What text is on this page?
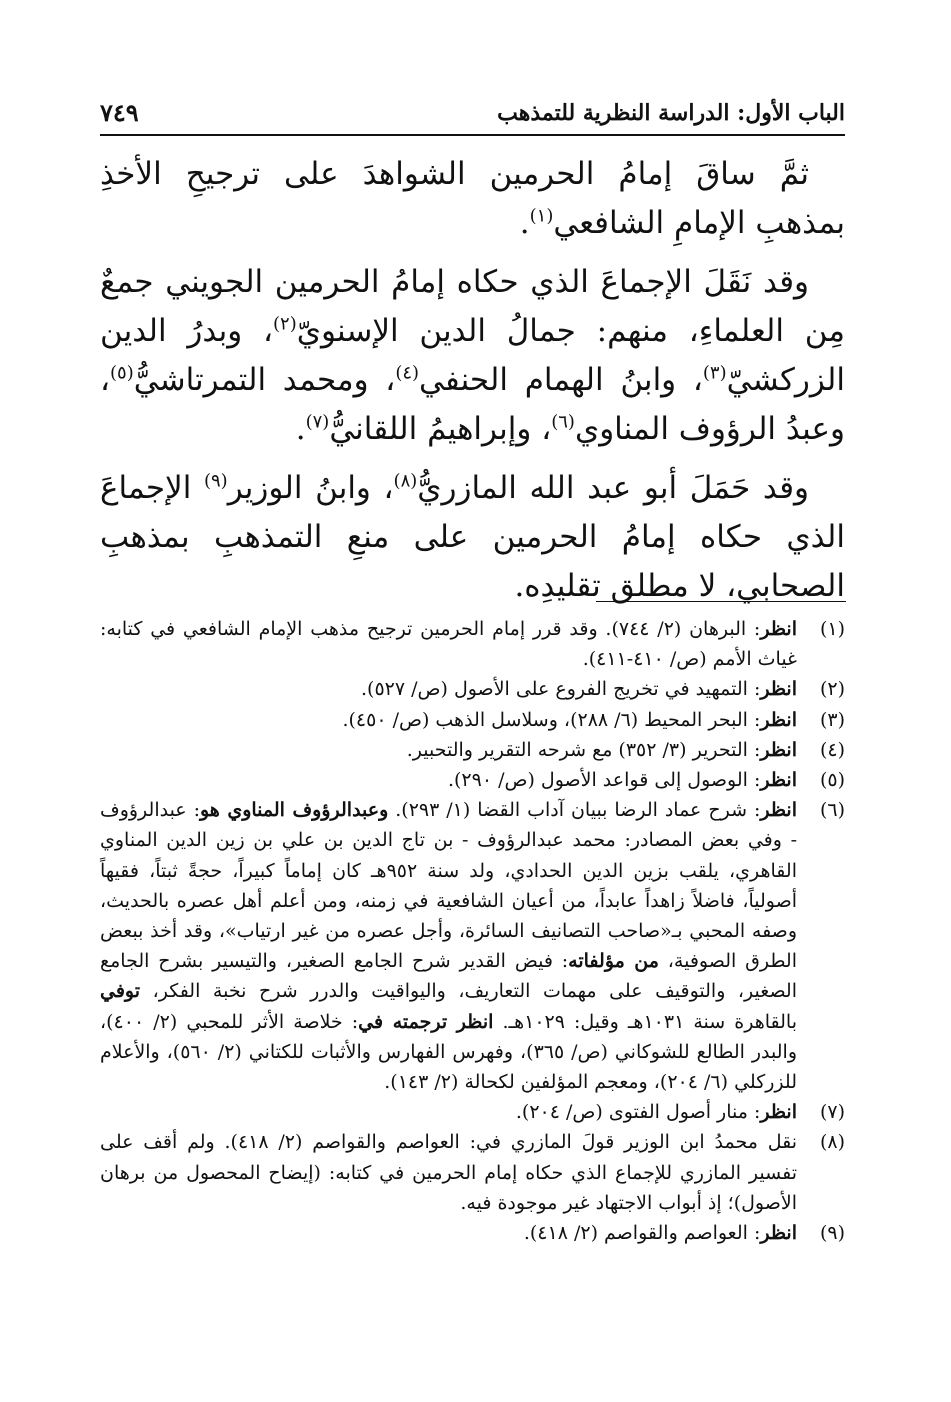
الباب الأول: الدراسة النظرية للتمذهب
٧٤٩

ثمَّ ساقَ إمامُ الحرمين الشواهدَ على ترجيحِ الأخذِ بمذهبِ الإمامِ الشافعي$^{(١)}$.

وقد نَقَلَ الإجماعَ الذي حكاه إمامُ الحرمين الجويني جمعٌ مِن العلماءِ، منهم: جمالُ الدين الإسنويّ$^{(٢)}$، وبدرُ الدين الزركشيّ$^{(٣)}$، وابنُ الهمام الحنفي$^{(٤)}$، ومحمد التمرتاشيُّ$^{(٥)}$، وعبدُ الرؤوف المناوي$^{(٦)}$، وإبراهيمُ اللقانيُّ$^{(٧)}$.

وقد حَمَلَ أبو عبد الله المازريُّ$^{(٨)}$، وابنُ الوزير$^{(٩)}$ الإجماعَ الذي حكاه إمامُ الحرمين على منعِ التمذهبِ بمذهبِ الصحابي، لا مطلق تقليدِه.

(١)
انظر: البرهان (٢/ ٧٤٤). وقد قرر إمام الحرمين ترجيح مذهب الإمام الشافعي في كتابه: غياث الأمم (ص/ ٤١٠-٤١١).
(٢)
انظر: التمهيد في تخريج الفروع على الأصول (ص/ ٥٢٧).
(٣)
انظر: البحر المحيط (٦/ ٢٨٨)، وسلاسل الذهب (ص/ ٤٥٠).
(٤)
انظر: التحرير (٣/ ٣٥٢) مع شرحه التقرير والتحبير.
(٥)
انظر: الوصول إلى قواعد الأصول (ص/ ٢٩٠).
(٦)
انظر: شرح عماد الرضا ببيان آداب القضا (١/ ٢٩٣). وعبدالرؤوف المناوي هو: عبدالرؤوف - وفي بعض المصادر: محمد عبدالرؤوف - بن تاج الدين بن علي بن زين الدين المناوي القاهري، يلقب بزين الدين الحدادي، ولد سنة ٩٥٢هـ كان إماماً كبيراً، حجةً ثبتاً، فقيهاً أصولياً، فاضلاً زاهداً عابداً، من أعيان الشافعية في زمنه، ومن أعلم أهل عصره بالحديث، وصفه المحبي بـ«صاحب التصانيف السائرة، وأجل عصره من غير ارتياب»، وقد أخذ ببعض الطرق الصوفية، من مؤلفاته: فيض القدير شرح الجامع الصغير، والتيسير بشرح الجامع الصغير، والتوقيف على مهمات التعاريف، واليواقيت والدرر شرح نخبة الفكر، توفي بالقاهرة سنة ١٠٣١هـ وقيل: ١٠٢٩هـ. انظر ترجمته في: خلاصة الأثر للمحبي (٢/ ٤٠٠)، والبدر الطالع للشوكاني (ص/ ٣٦٥)، وفهرس الفهارس والأثبات للكتاني (٢/ ٥٦٠)، والأعلام للزركلي (٦/ ٢٠٤)، ومعجم المؤلفين لكحالة (٢/ ١٤٣).
(٧)
انظر: منار أصول الفتوى (ص/ ٢٠٤).
(٨)
نقل محمدُ ابن الوزير قولَ المازري في: العواصم والقواصم (٢/ ٤١٨). ولم أقف على تفسير المازري للإجماع الذي حكاه إمام الحرمين في كتابه: (إيضاح المحصول من برهان الأصول)؛ إذ أبواب الاجتهاد غير موجودة فيه.
(٩)
انظر: العواصم والقواصم (٢/ ٤١٨).
